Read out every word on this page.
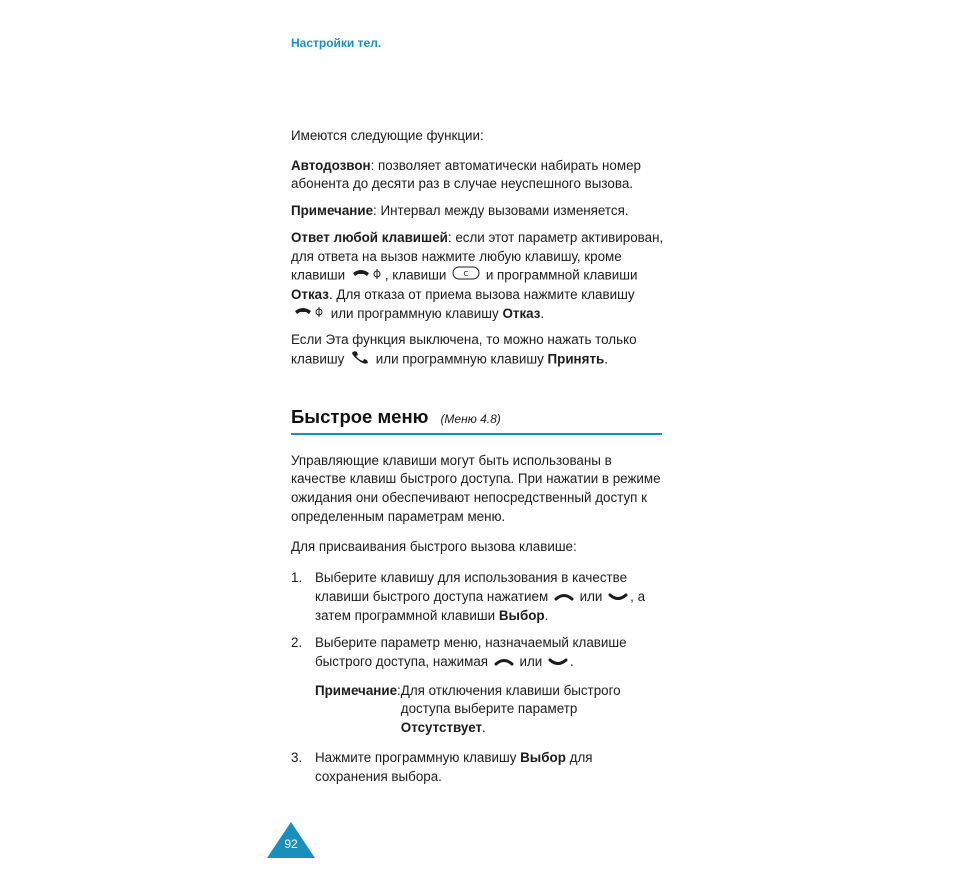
Настройки тел.

Имеются следующие функции:

Автодозвон: позволяет автоматически набирать номер абонента до десяти раз в случае неуспешного вызова.

Примечание: Интервал между вызовами изменяется.

Ответ любой клавишей: если этот параметр активирован, для ответа на вызов нажмите любую клавишу, кроме клавиши	, клавиши C и программной клавиши Отказ. Для отказа от приема вызова нажмите клавишу  или программную клавишу Отказ.

Если Эта функция выключена, то можно нажать только клавишу или программную клавишу Принять.

Быстрое меню (Меню 4.8)

Управляющие клавиши могут быть использованы в качестве клавиш быстрого доступа. При нажатии в режиме ожидания они обеспечивают непосредственный доступ к определенным параметрам меню.

Для присваивания быстрого вызова клавише:

1. Выберите клавишу для использования в качестве клавиши быстрого доступа нажатием или , а затем программной клавиши Выбор.
2. Выберите параметр меню, назначаемый клавише быстрого доступа, нажимая или .
Примечание : Для отключения клавиши быстрого доступа выберите параметр Отсутствует.
3. Нажмите программную клавишу Выбор для сохранения выбора.
92
